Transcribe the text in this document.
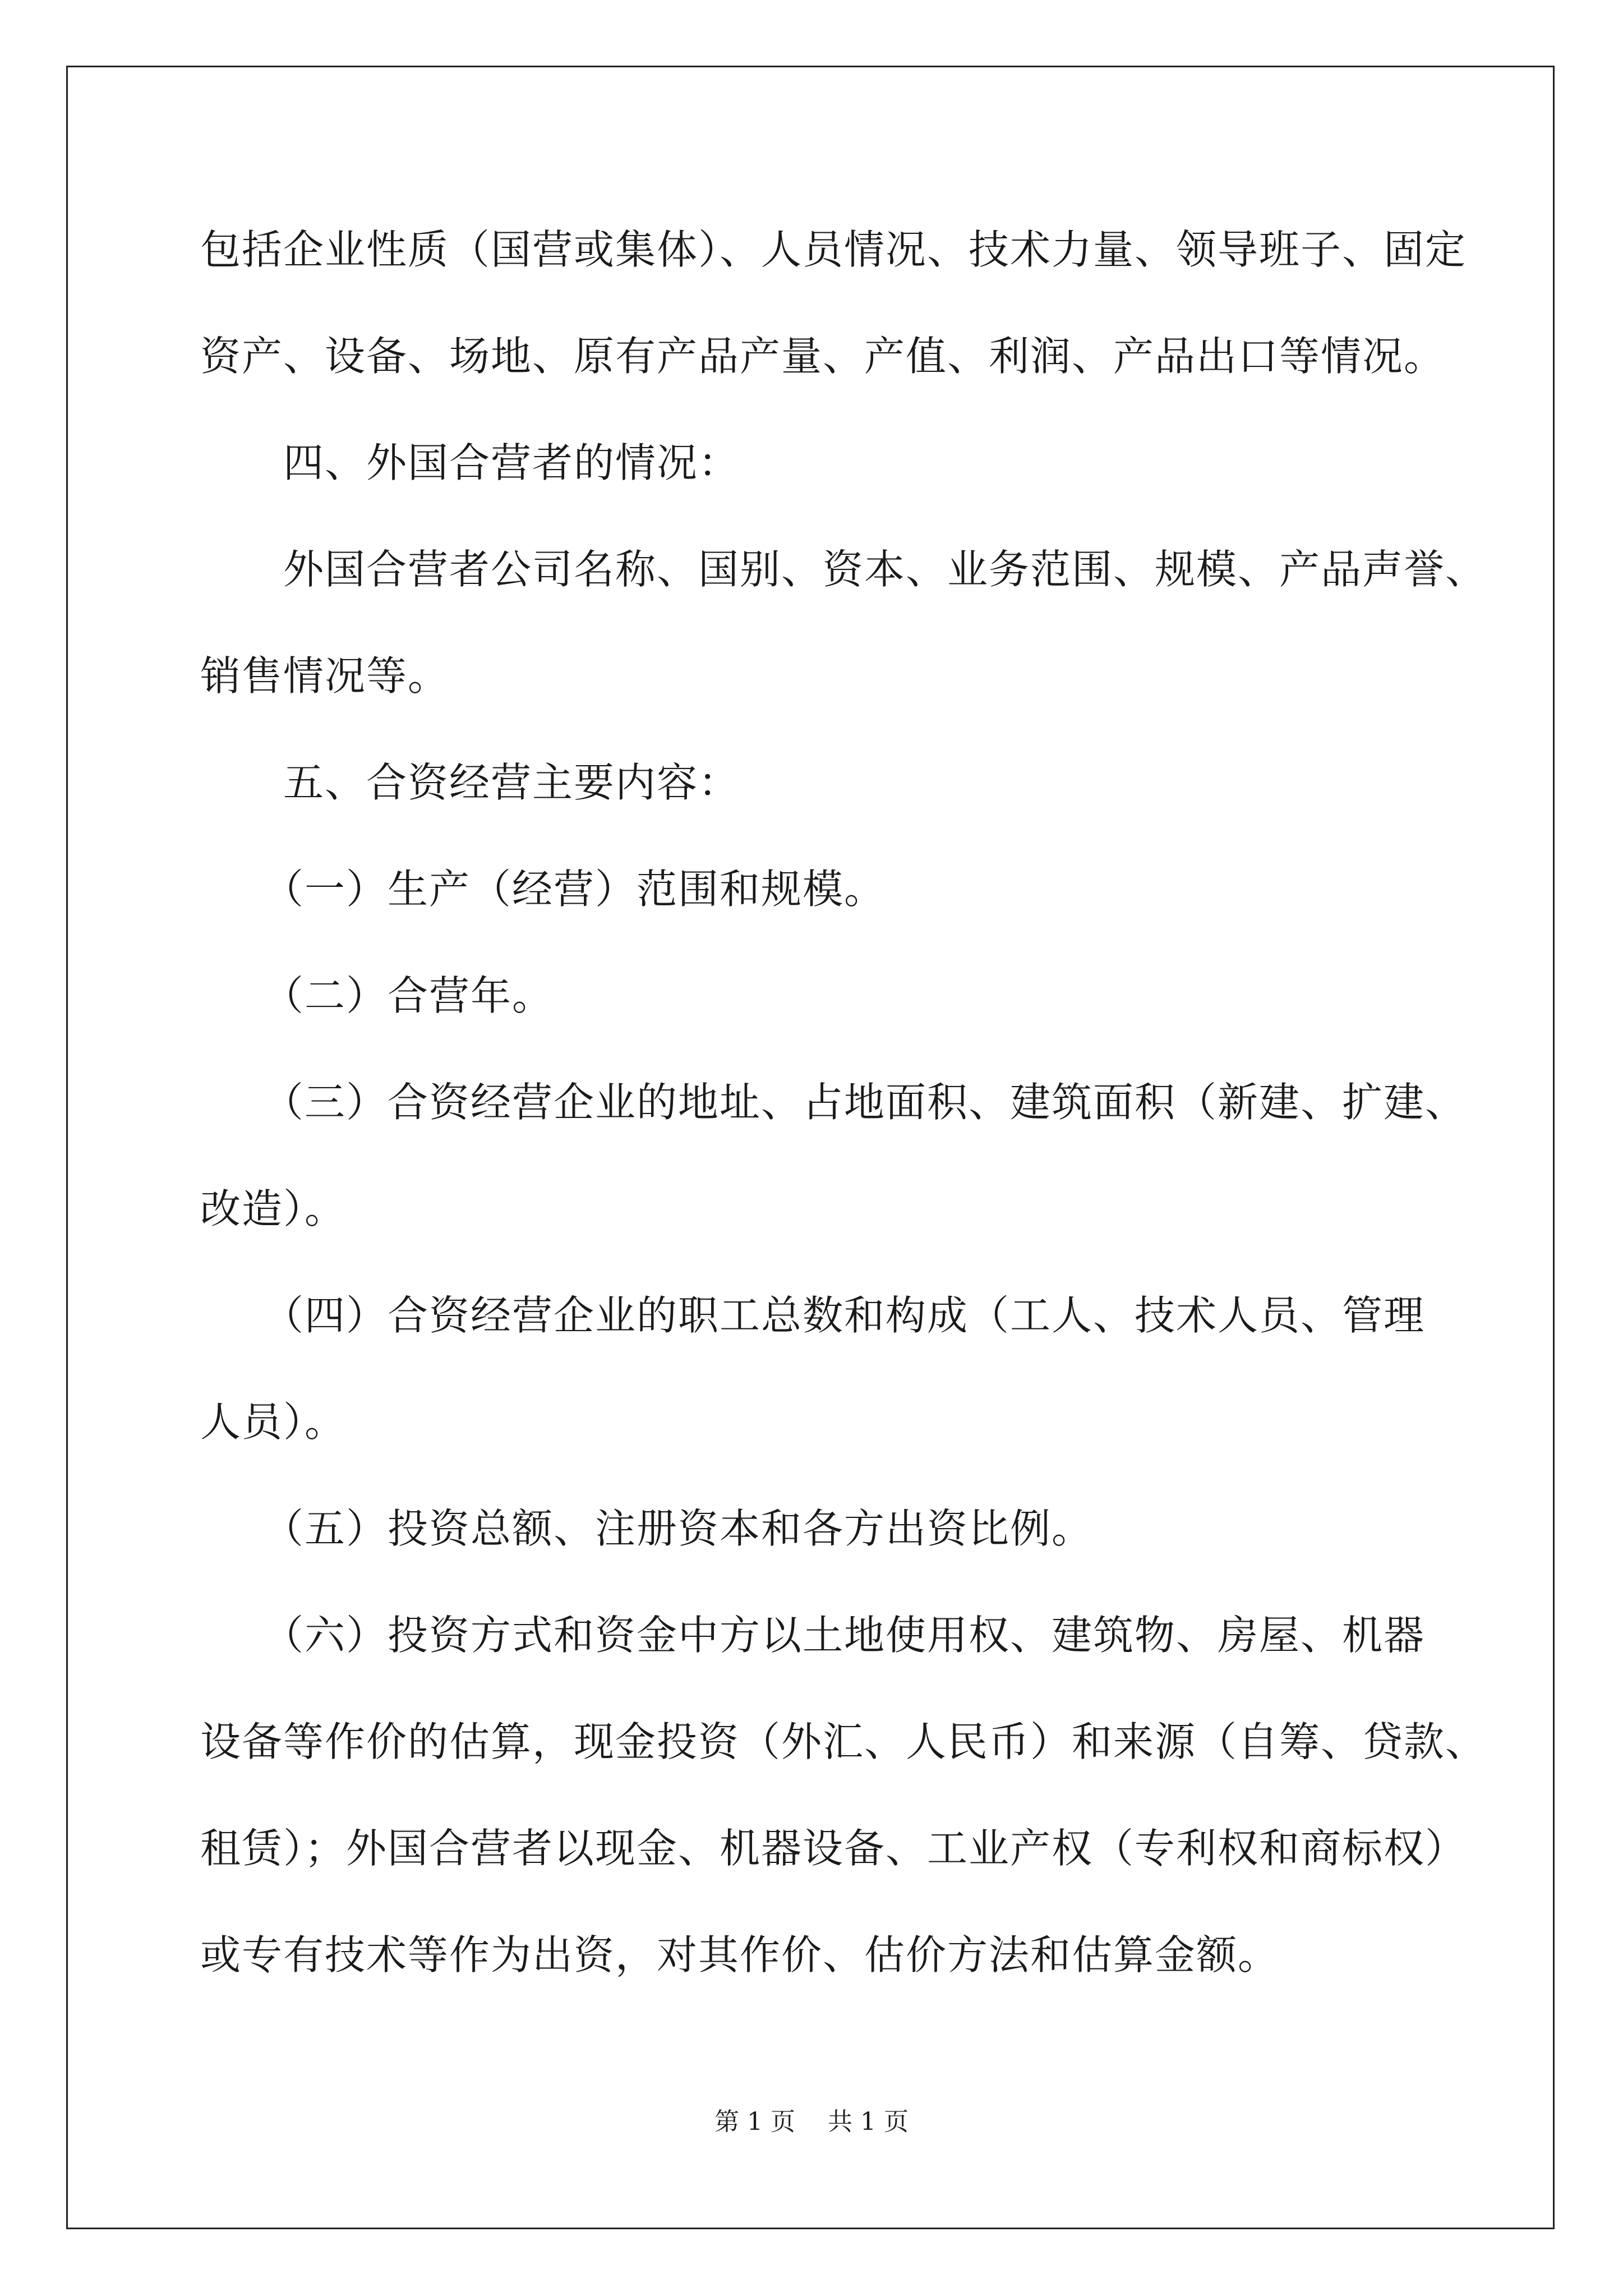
包括企业性质（国营或集体）、人员情况、技术力量、领导班子、固定
资产、设备、场地、原有产品产量、产值、利润、产品出口等情况。
　　四、外国合营者的情况：
　　外国合营者公司名称、国别、资本、业务范围、规模、产品声誉、
销售情况等。
　　五、合资经营主要内容：
　　（一）生产（经营）范围和规模。
　　（二）合营年。
　　（三）合资经营企业的地址、占地面积、建筑面积（新建、扩建、
改造）。
　　（四）合资经营企业的职工总数和构成（工人、技术人员、管理
人员）。
　　（五）投资总额、注册资本和各方出资比例。
　　（六）投资方式和资金中方以土地使用权、建筑物、房屋、机器
设备等作价的估算，现金投资（外汇、人民币）和来源（自筹、贷款、
租赁）；外国合营者以现金、机器设备、工业产权（专利权和商标权）
或专有技术等作为出资，对其作价、估价方法和估算金额。
第 1 页　 共 1 页
